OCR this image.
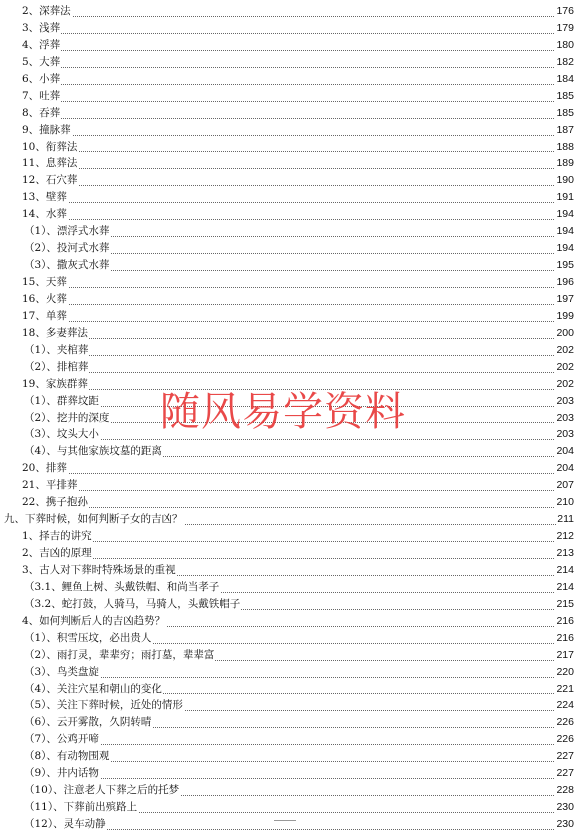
2、深葬法	176
3、浅葬	179
4、浮葬	180
5、大葬	182
6、小葬	184
7、吐葬	185
8、吞葬	185
9、撞脉葬	187
10、衔葬法	188
11、息葬法	189
12、石穴葬	190
13、壁葬	191
14、水葬	194
（1）、漂浮式水葬	194
（2）、投河式水葬	194
（3）、撒灰式水葬	195
15、天葬	196
16、火葬	197
17、单葬	199
18、多妻葬法	200
（1）、夹棺葬	202
（2）、排棺葬	202
19、家族群葬	202
（1）、群葬坟距	203
（2）、挖井的深度	203
（3）、坟头大小	203
（4）、与其他家族坟墓的距离	204
20、排葬	204
21、平排葬	207
22、携子抱孙	210
九、下葬时候，如何判断子女的吉凶？	211
1、择吉的讲究	212
2、吉凶的原理	213
3、古人对下葬时特殊场景的重视	214
（3.1、鲤鱼上树、头戴铁帽、和尚当孝子	214
（3.2、蛇打鼓，人骑马，马骑人，头戴铁帽子	215
4、如何判断后人的吉凶趋势？	216
（1）、积雪压坟，必出贵人	216
（2）、雨打灵，辈辈穷；雨打墓，辈辈富	217
（3）、鸟类盘旋	220
（4）、关注穴星和朝山的变化	221
（5）、关注下葬时候，近处的情形	224
（6）、云开雾散，久阴转晴	226
（7）、公鸡开啼	226
（8）、有动物围观	227
（9）、井内话物	227
（10）、注意老人下葬之后的托梦	228
（11）、下葬前出殡路上	230
（12）、灵车动静	230
随风易学资料
